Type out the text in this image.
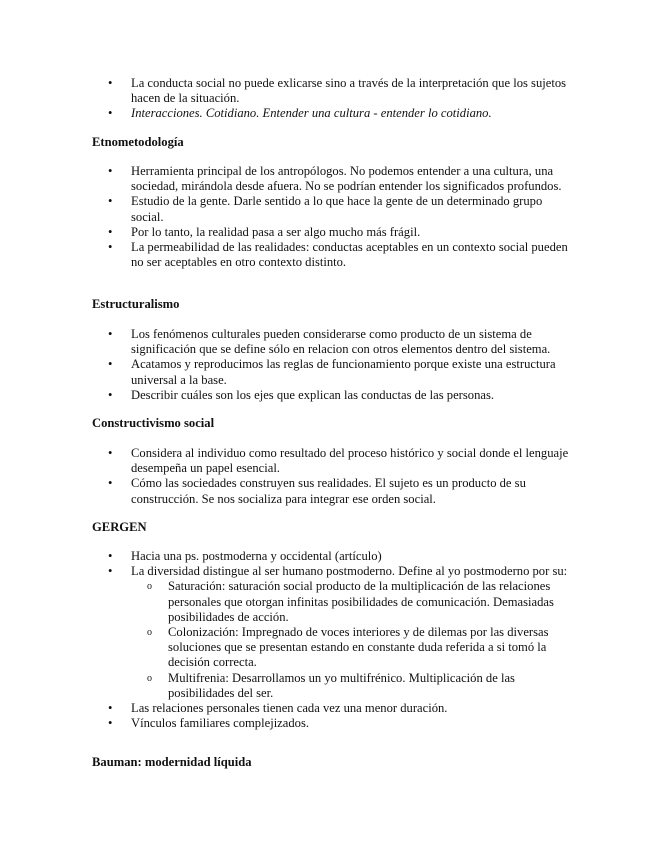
• La conducta social no puede exlicarse sino a través de la interpretación que los sujetos hacen de la situación.
• Interacciones. Cotidiano. Entender una cultura - entender lo cotidiano.
Etnometodología
• Herramienta principal de los antropólogos. No podemos entender a una cultura, una sociedad, mirándola desde afuera. No se podrían entender los significados profundos.
• Estudio de la gente. Darle sentido a lo que hace la gente de un determinado grupo social.
• Por lo tanto, la realidad pasa a ser algo mucho más frágil.
• La permeabilidad de las realidades: conductas aceptables en un contexto social pueden no ser aceptables en otro contexto distinto.
Estructuralismo
• Los fenómenos culturales pueden considerarse como producto de un sistema de significación que se define sólo en relacion con otros elementos dentro del sistema.
• Acatamos y reproducimos las reglas de funcionamiento porque existe una estructura universal a la base.
• Describir cuáles son los ejes que explican las conductas de las personas.
Constructivismo social
• Considera al individuo como resultado del proceso histórico y social donde el lenguaje desempeña un papel esencial.
• Cómo las sociedades construyen sus realidades. El sujeto es un producto de su construcción. Se nos socializa para integrar ese orden social.
GERGEN
• Hacia una ps. postmoderna y occidental (artículo)
• La diversidad distingue al ser humano postmoderno. Define al yo postmoderno por su:
o Saturación: saturación social producto de la multiplicación de las relaciones personales que otorgan infinitas posibilidades de comunicación. Demasiadas posibilidades de acción.
o Colonización: Impregnado de voces interiores y de dilemas por las diversas soluciones que se presentan estando en constante duda referida a si tomó la decisión correcta.
o Multifrenia: Desarrollamos un yo multifrénico. Multiplicación de las posibilidades del ser.
• Las relaciones personales tienen cada vez una menor duración.
• Vínculos familiares complejizados.
Bauman: modernidad líquida
